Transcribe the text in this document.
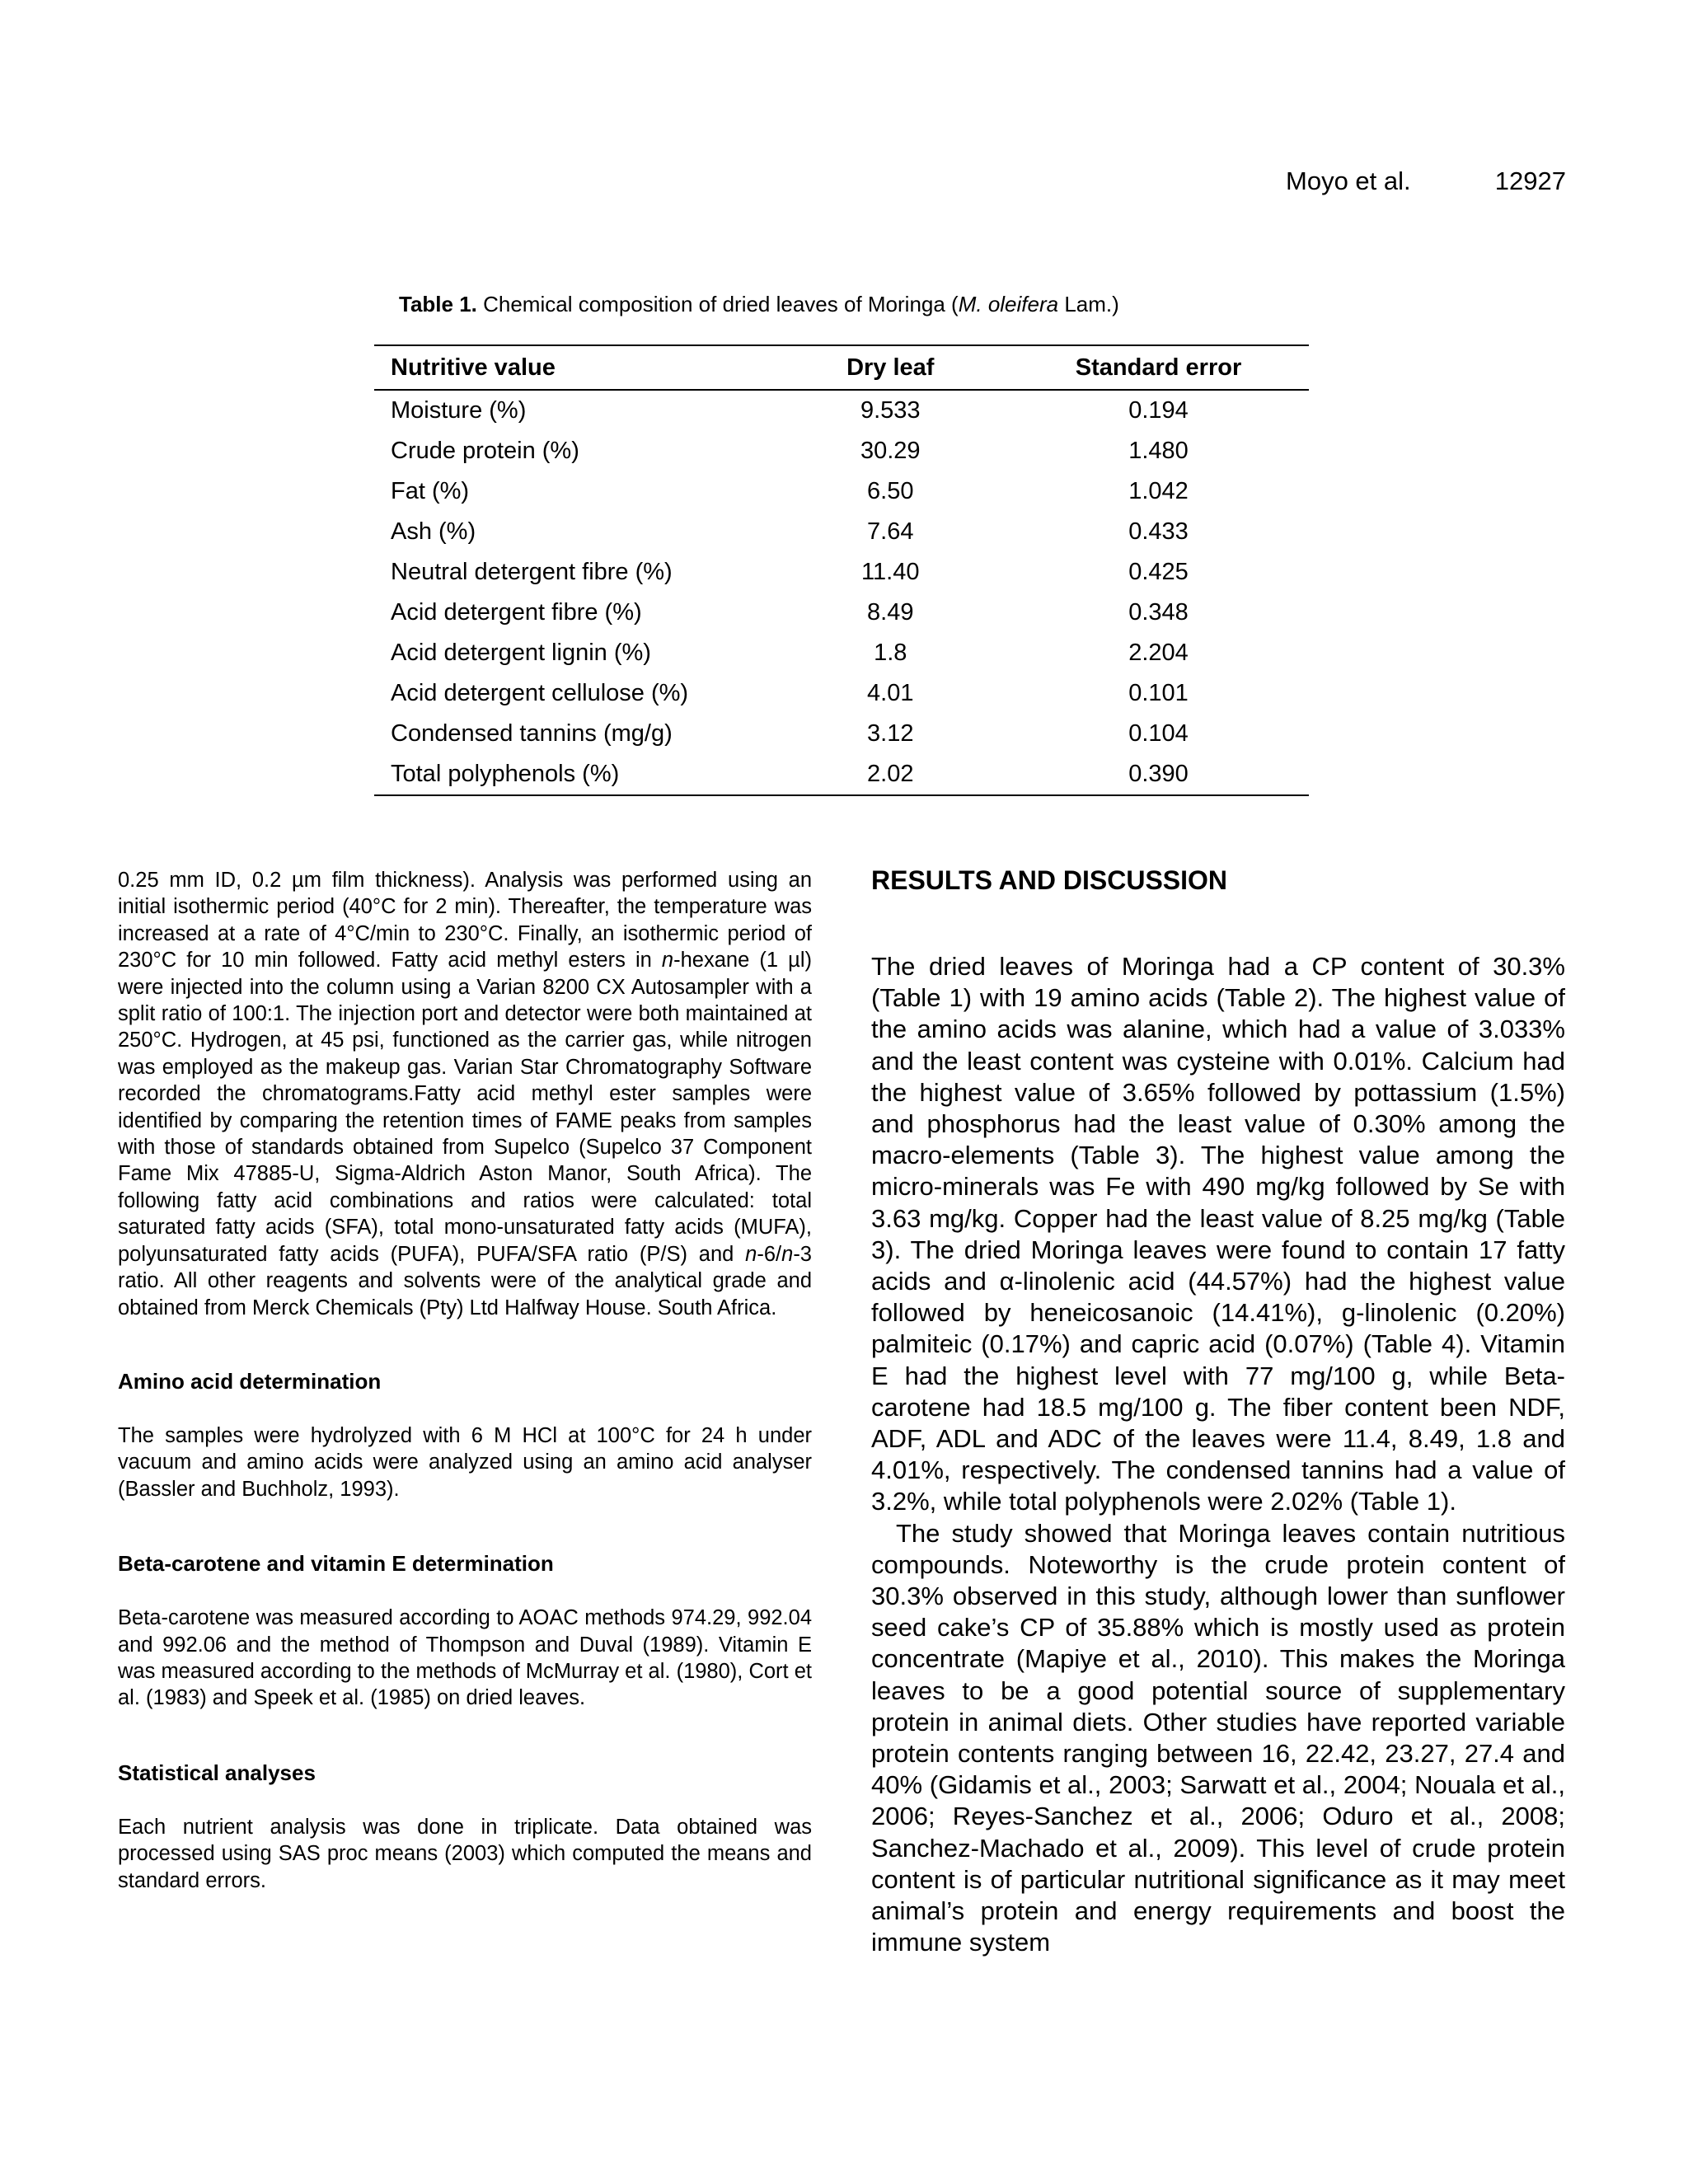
Moyo et al.	12927
Table 1. Chemical composition of dried leaves of Moringa (M. oleifera Lam.)
Nutritive value	Dry leaf	Standard error
Moisture (%)	9.533	0.194
Crude protein (%)	30.29	1.480
Fat (%)	6.50	1.042
Ash (%)	7.64	0.433
Neutral detergent fibre (%)	11.40	0.425
Acid detergent fibre (%)	8.49	0.348
Acid detergent lignin (%)	1.8	2.204
Acid detergent cellulose (%)	4.01	0.101
Condensed tannins (mg/g)	3.12	0.104
Total polyphenols (%)	2.02	0.390

0.25 mm ID, 0.2 µm film thickness). Analysis was performed using an initial isothermic period (40°C for 2 min). Thereafter, the temperature was increased at a rate of 4°C/min to 230°C. Finally, an isothermic period of 230°C for 10 min followed. Fatty acid methyl esters in n-hexane (1 µl) were injected into the column using a Varian 8200 CX Autosampler with a split ratio of 100:1. The injection port and detector were both maintained at 250°C. Hydrogen, at 45 psi, functioned as the carrier gas, while nitrogen was employed as the makeup gas. Varian Star Chromatography Software recorded the chromatograms.Fatty acid methyl ester samples were identified by comparing the retention times of FAME peaks from samples with those of standards obtained from Supelco (Supelco 37 Component Fame Mix 47885-U, Sigma-Aldrich Aston Manor, South Africa). The following fatty acid combinations and ratios were calculated: total saturated fatty acids (SFA), total mono-unsaturated fatty acids (MUFA), polyunsaturated fatty acids (PUFA), PUFA/SFA ratio (P/S) and n-6/n-3 ratio. All other reagents and solvents were of the analytical grade and obtained from Merck Chemicals (Pty) Ltd Halfway House. South Africa.

Amino acid determination

The samples were hydrolyzed with 6 M HCl at 100°C for 24 h under vacuum and amino acids were analyzed using an amino acid analyser (Bassler and Buchholz, 1993).

Beta-carotene and vitamin E determination

Beta-carotene was measured according to AOAC methods 974.29, 992.04 and 992.06 and the method of Thompson and Duval (1989). Vitamin E was measured according to the methods of McMurray et al. (1980), Cort et al. (1983) and Speek et al. (1985) on dried leaves.

Statistical analyses

Each nutrient analysis was done in triplicate. Data obtained was processed using SAS proc means (2003) which computed the means and standard errors.

RESULTS AND DISCUSSION

The dried leaves of Moringa had a CP content of 30.3% (Table 1) with 19 amino acids (Table 2). The highest value of the amino acids was alanine, which had a value of 3.033% and the least content was cysteine with 0.01%. Calcium had the highest value of 3.65% followed by pottassium (1.5%) and phosphorus had the least value of 0.30% among the macro-elements (Table 3). The highest value among the micro-minerals was Fe with 490 mg/kg followed by Se with 3.63 mg/kg. Copper had the least value of 8.25 mg/kg (Table 3). The dried Moringa leaves were found to contain 17 fatty acids and α-linolenic acid (44.57%) had the highest value followed by heneicosanoic (14.41%), g-linolenic (0.20%) palmiteic (0.17%) and capric acid (0.07%) (Table 4). Vitamin E had the highest level with 77 mg/100 g, while Beta-carotene had 18.5 mg/100 g. The fiber content been NDF, ADF, ADL and ADC of the leaves were 11.4, 8.49, 1.8 and 4.01%, respectively. The condensed tannins had a value of 3.2%, while total polyphenols were 2.02% (Table 1).

The study showed that Moringa leaves contain nutritious compounds. Noteworthy is the crude protein content of 30.3% observed in this study, although lower than sunflower seed cake’s CP of 35.88% which is mostly used as protein concentrate (Mapiye et al., 2010). This makes the Moringa leaves to be a good potential source of supplementary protein in animal diets. Other studies have reported variable protein contents ranging between 16, 22.42, 23.27, 27.4 and 40% (Gidamis et al., 2003; Sarwatt et al., 2004; Nouala et al., 2006; Reyes-Sanchez et al., 2006; Oduro et al., 2008; Sanchez-Machado et al., 2009). This level of crude protein content is of particular nutritional significance as it may meet animal’s protein and energy requirements and boost the immune system
